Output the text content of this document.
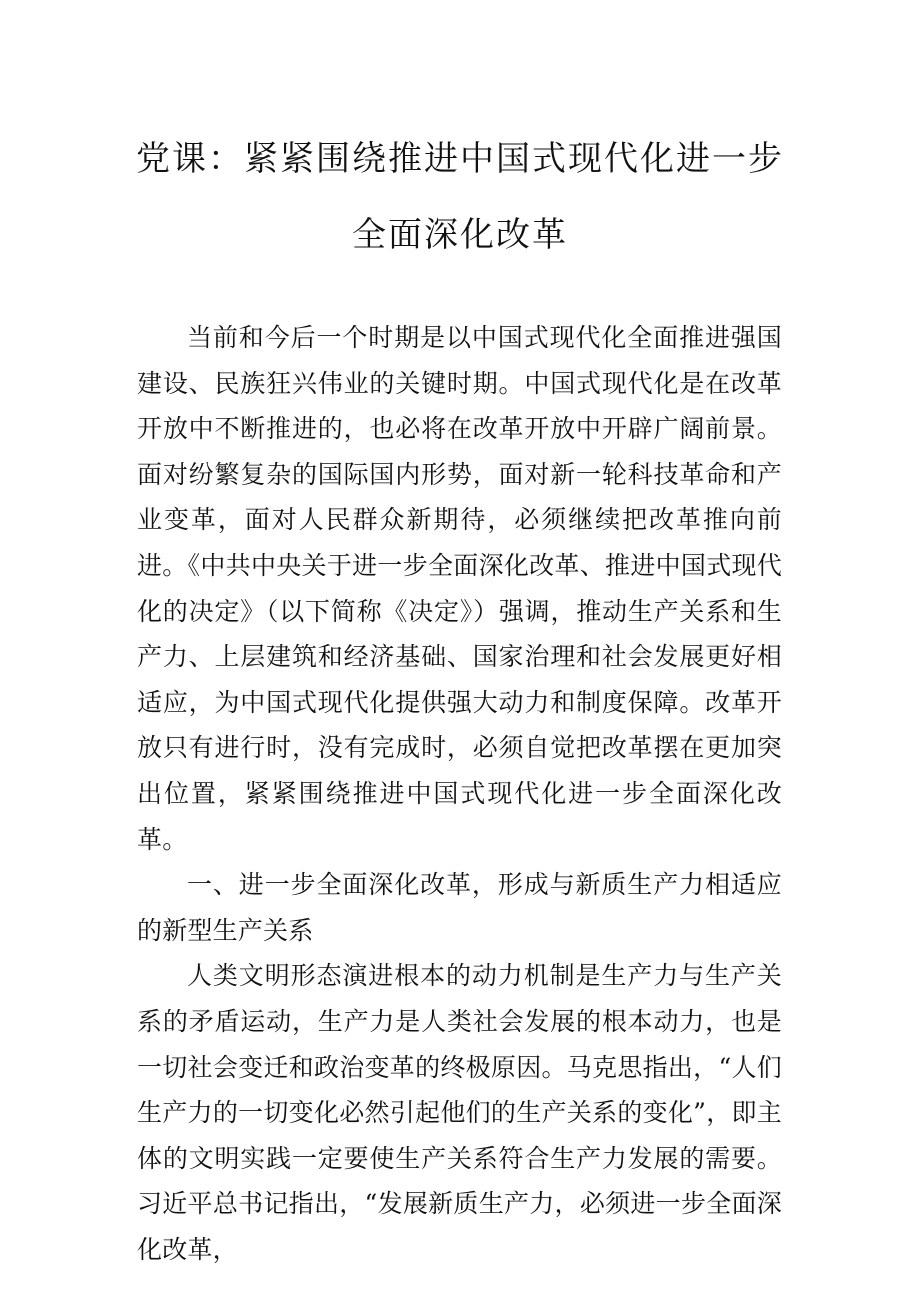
党课：紧紧围绕推进中国式现代化进一步
全面深化改革

当前和今后一个时期是以中国式现代化全面推进强国建设、民族狂兴伟业的关键时期。中国式现代化是在改革开放中不断推进的，也必将在改革开放中开辟广阔前景。面对纷繁复杂的国际国内形势，面对新一轮科技革命和产业变革，面对人民群众新期待，必须继续把改革推向前进。《中共中央关于进一步全面深化改革、推进中国式现代化的决定》（以下简称《决定》）强调，推动生产关系和生产力、上层建筑和经济基础、国家治理和社会发展更好相适应，为中国式现代化提供强大动力和制度保障。改革开放只有进行时，没有完成时，必须自觉把改革摆在更加突出位置，紧紧围绕推进中国式现代化进一步全面深化改革。

一、进一步全面深化改革，形成与新质生产力相适应的新型生产关系

人类文明形态演进根本的动力机制是生产力与生产关系的矛盾运动，生产力是人类社会发展的根本动力，也是一切社会变迁和政治变革的终极原因。马克思指出，“人们生产力的一切变化必然引起他们的生产关系的变化”，即主体的文明实践一定要使生产关系符合生产力发展的需要。习近平总书记指出，“发展新质生产力，必须进一步全面深化改革，
